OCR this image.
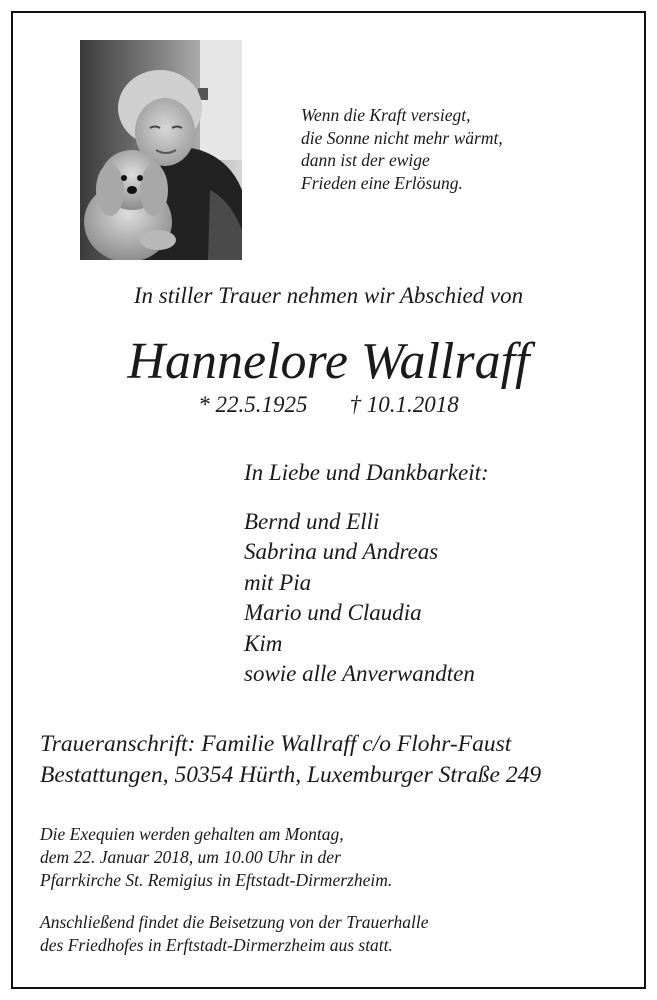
Wenn die Kraft versiegt,
die Sonne nicht mehr wärmt,
dann ist der ewige
Frieden eine Erlösung.
In stiller Trauer nehmen wir Abschied von
Hannelore Wallraff
* 22.5.1925 † 10.1.2018
In Liebe und Dankbarkeit:
Bernd und Elli
Sabrina und Andreas
mit Pia
Mario und Claudia
Kim
sowie alle Anverwandten
Traueranschrift: Familie Wallraff c/o Flohr-Faust
Bestattungen, 50354 Hürth, Luxemburger Straße 249
Die Exequien werden gehalten am Montag,
dem 22. Januar 2018, um 10.00 Uhr in der
Pfarrkirche St. Remigius in Eftstadt-Dirmerzheim.
Anschließend findet die Beisetzung von der Trauerhalle
des Friedhofes in Erftstadt-Dirmerzheim aus statt.
